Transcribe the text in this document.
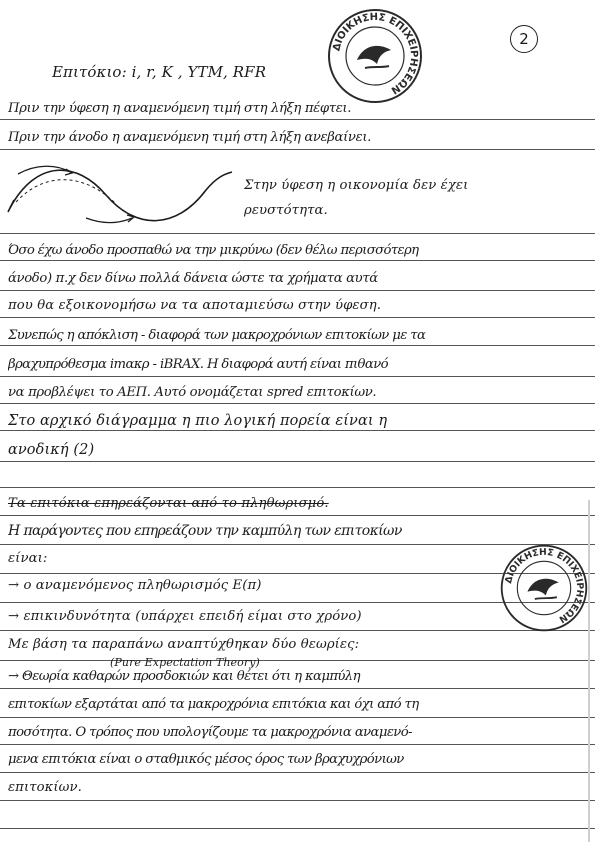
2
ΔΙΟΙΚΗΣΗΣ ΕΠΙΧΕΙΡΗΣΕΩΝ
ΔΙΟΙΚΗΣΗΣ ΕΠΙΧΕΙΡΗΣΕΩΝ
Επιτόκιο: i, r, K , YTM, RFR
Πριν την ύφεση η αναμενόμενη τιμή στη λήξη πέφτει.
Πριν την άνοδο η αναμενόμενη τιμή στη λήξη ανεβαίνει.
Στην ύφεση η οικονομία δεν έχει
ρευστότητα.
Όσο έχω άνοδο προσπαθώ να την μικρύνω (δεν θέλω περισσότερη
άνοδο) π.χ δεν δίνω πολλά δάνεια ώστε τα χρήματα αυτά
που θα εξοικονομήσω να τα αποταμιεύσω στην ύφεση.
Συνεπώς η απόκλιση - διαφορά των μακροχρόνιων επιτοκίων με τα
βραχυπρόθεσμα imακρ - iΒRAX. Η διαφορά αυτή είναι πιθανό
να προβλέψει το ΑΕΠ. Αυτό ονομάζεται spred επιτοκίων.
Στο αρχικό διάγραμμα η πιο λογική πορεία είναι η
ανοδική (2)
Τα επιτόκια επηρεάζονται από το πληθωρισμό.
Η παράγοντες που επηρεάζουν την καμπύλη των επιτοκίων
είναι:
→ ο αναμενόμενος πληθωρισμός E(π)
→ επικινδυνότητα (υπάρχει επειδή είμαι στο χρόνο)
Με βάση τα παραπάνω αναπτύχθηκαν δύο θεωρίες:
(Pure Expectation Theory)
→ Θεωρία καθαρών προσδοκιών και θέτει ότι η καμπύλη
επιτοκίων εξαρτάται από τα μακροχρόνια επιτόκια και όχι από τη
ποσότητα. Ο τρόπος που υπολογίζουμε τα μακροχρόνια αναμενό-
μενα επιτόκια είναι ο σταθμικός μέσος όρος των βραχυχρόνιων
επιτοκίων.
